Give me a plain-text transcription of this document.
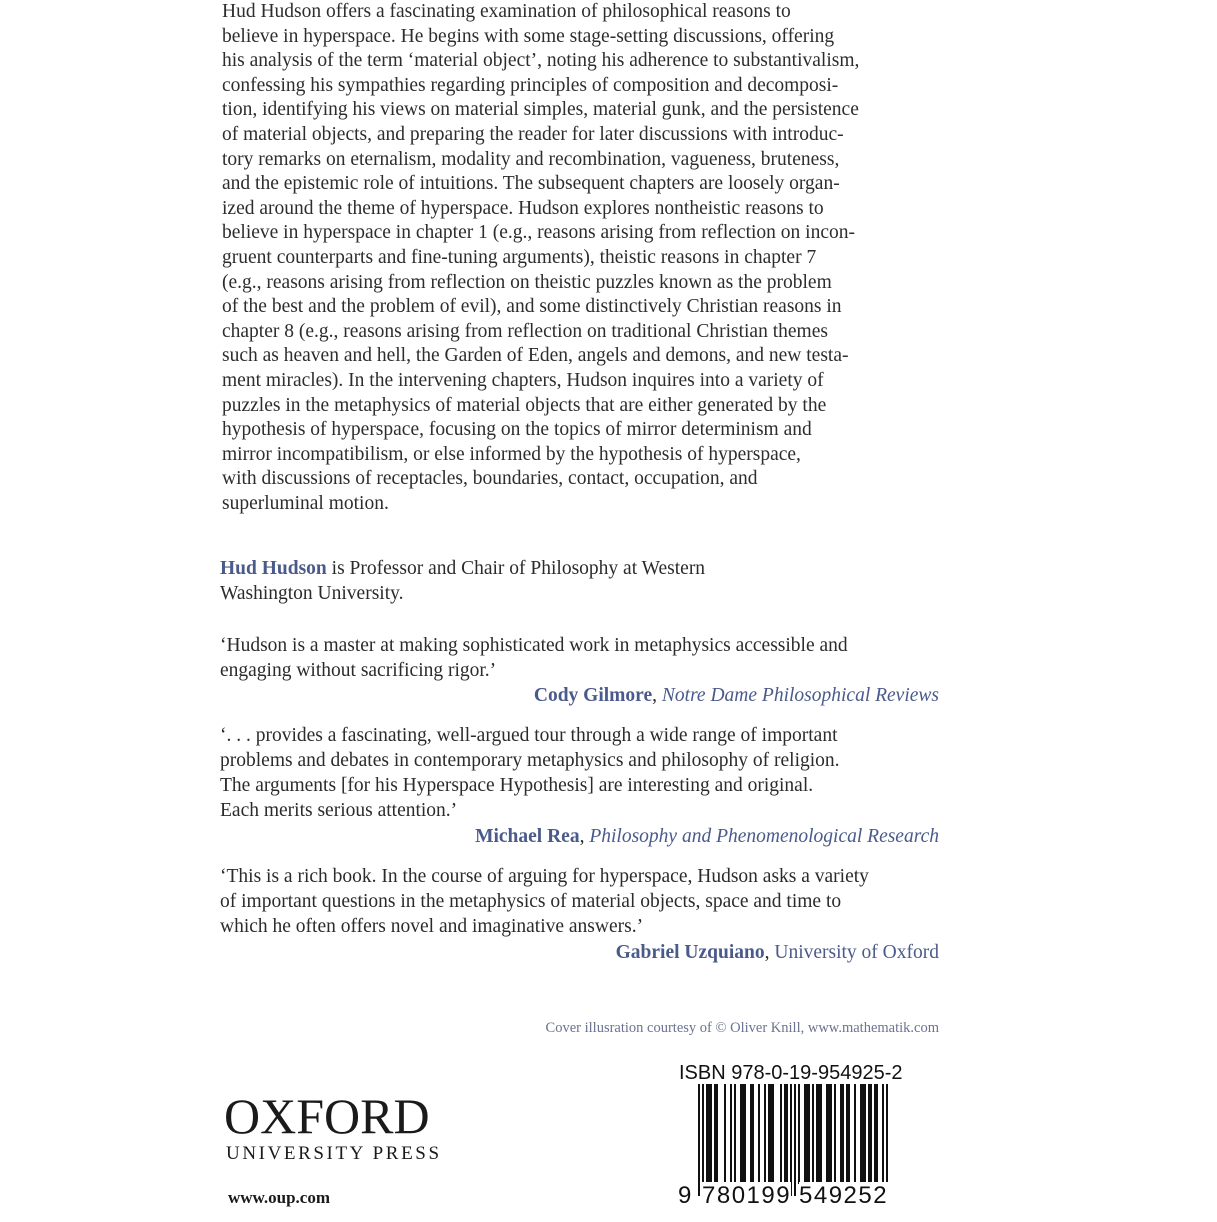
Hud Hudson offers a fascinating examination of philosophical reasons to
believe in hyperspace. He begins with some stage-setting discussions, offering
his analysis of the term ‘material object’, noting his adherence to substantivalism,
confessing his sympathies regarding principles of composition and decomposi-
tion, identifying his views on material simples, material gunk, and the persistence
of material objects, and preparing the reader for later discussions with introduc-
tory remarks on eternalism, modality and recombination, vagueness, bruteness,
and the epistemic role of intuitions. The subsequent chapters are loosely organ-
ized around the theme of hyperspace. Hudson explores nontheistic reasons to
believe in hyperspace in chapter 1 (e.g., reasons arising from reflection on incon-
gruent counterparts and fine-tuning arguments), theistic reasons in chapter 7
(e.g., reasons arising from reflection on theistic puzzles known as the problem
of the best and the problem of evil), and some distinctively Christian reasons in
chapter 8 (e.g., reasons arising from reflection on traditional Christian themes
such as heaven and hell, the Garden of Eden, angels and demons, and new testa-
ment miracles). In the intervening chapters, Hudson inquires into a variety of
puzzles in the metaphysics of material objects that are either generated by the
hypothesis of hyperspace, focusing on the topics of mirror determinism and
mirror incompatibilism, or else informed by the hypothesis of hyperspace,
with discussions of receptacles, boundaries, contact, occupation, and
superluminal motion.
Hud Hudson is Professor and Chair of Philosophy at Western
Washington University.
‘Hudson is a master at making sophisticated work in metaphysics accessible and
engaging without sacrificing rigor.’
Cody Gilmore, Notre Dame Philosophical Reviews
‘. . . provides a fascinating, well-argued tour through a wide range of important
problems and debates in contemporary metaphysics and philosophy of religion.
The arguments [for his Hyperspace Hypothesis] are interesting and original.
Each merits serious attention.’
Michael Rea, Philosophy and Phenomenological Research
‘This is a rich book. In the course of arguing for hyperspace, Hudson asks a variety
of important questions in the metaphysics of material objects, space and time to
which he often offers novel and imaginative answers.’
Gabriel Uzquiano, University of Oxford
Cover illusration courtesy of © Oliver Knill, www.mathematik.com
OXFORD
UNIVERSITY PRESS
www.oup.com
ISBN 978-0-19-954925-2
9 780199 549252
